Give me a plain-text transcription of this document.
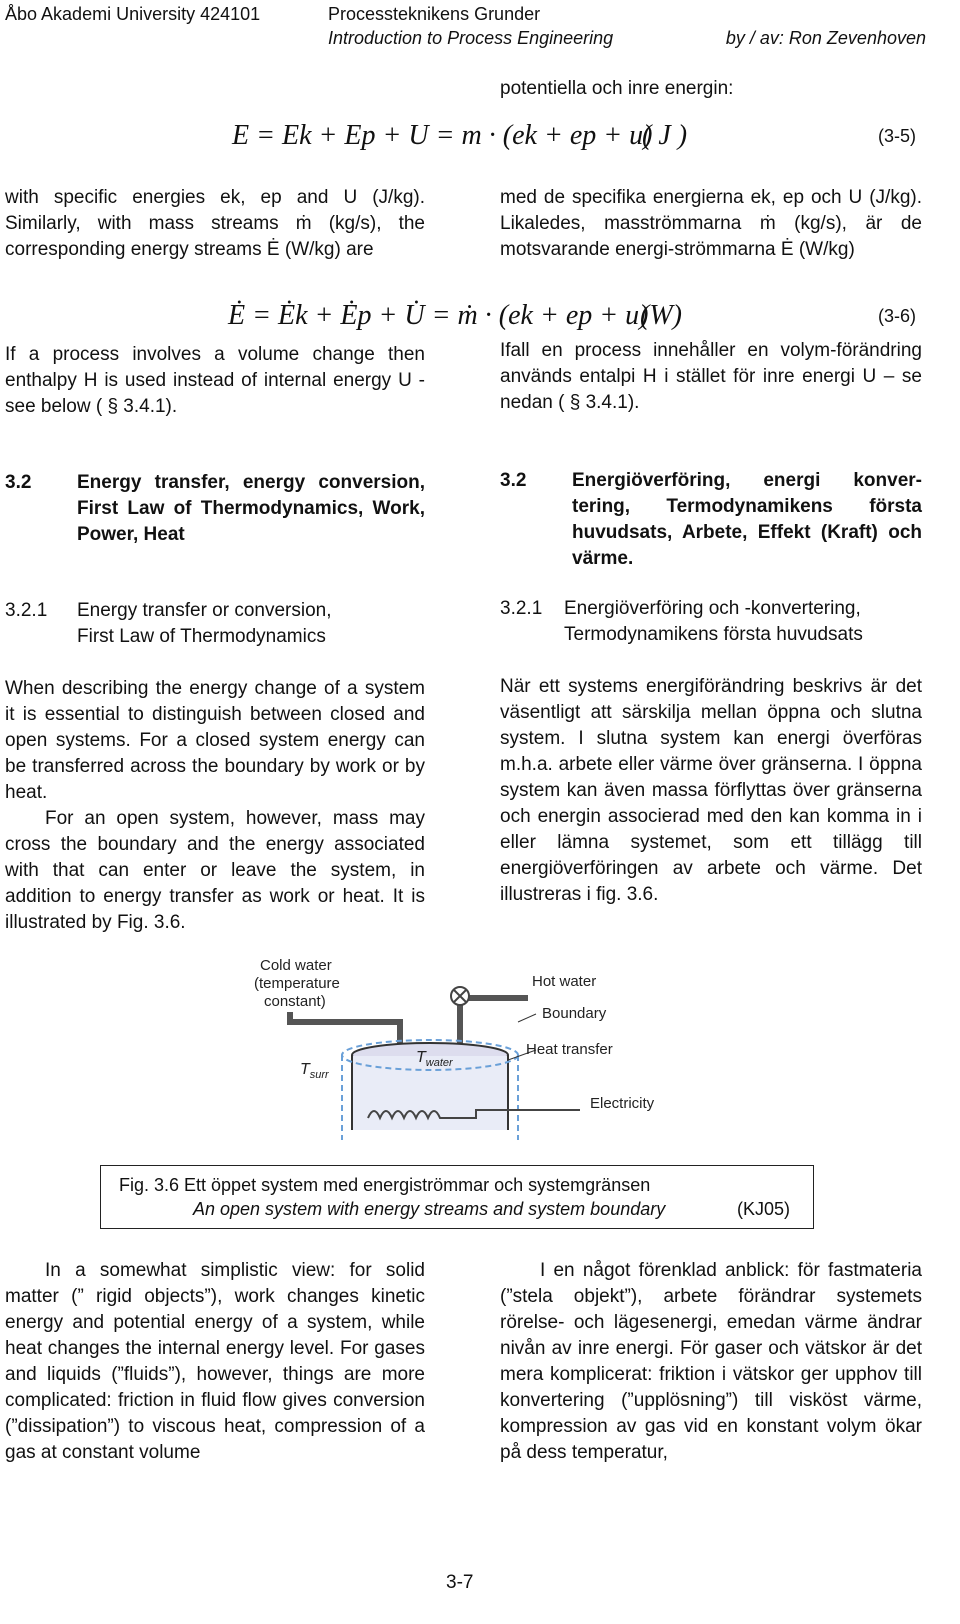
Åbo Akademi University 424101	Processteknikens Grunder
Introduction to Process Engineering	by / av: Ron Zevenhoven
potentiella och inre energin:
E = Ek + Ep + U = m · (ek + ep + u)
( J )	(3-5)
with specific energies ek, ep and U (J/kg). Similarly, with mass streams ṁ (kg/s), the corresponding energy streams Ė (W/kg) are
med de specifika energierna ek, ep och U (J/kg). Likaledes, masströmmarna ṁ (kg/s), är de motsvarande energi-strömmarna Ė (W/kg)
Ė = Ėk + Ėp + U̇ = ṁ · (ek + ep + u)
(W)	(3-6)
If a process involves a volume change then enthalpy H is used instead of internal energy U - see below ( § 3.4.1).
Ifall en process innehåller en volym-förändring används entalpi H i stället för inre energi U – se nedan ( § 3.4.1).
3.2	Energy transfer, energy conversion, First Law of Thermodynamics, Work, Power, Heat
3.2	Energiöverföring, energi konver-tering, Termodynamikens första huvudsats, Arbete, Effekt (Kraft) och värme.
3.2.1	Energy transfer or conversion,
First Law of Thermodynamics
3.2.1	Energiöverföring och -konvertering,
Termodynamikens första huvudsats
When describing the energy change of a system it is essential to distinguish between closed and open systems. For a closed system energy can be transferred across the boundary by work or by heat.
For an open system, however, mass may cross the boundary and the energy associated with that can enter or leave the system, in addition to energy transfer as work or heat. It is illustrated by Fig. 3.6.
När ett systems energiförändring beskrivs är det väsentligt att särskilja mellan öppna och slutna system. I slutna system kan energi överföras m.h.a. arbete eller värme över gränserna. I öppna system kan även massa förflyttas över gränserna och energin associerad med den kan komma in i eller lämna systemet, som ett tillägg till energiöverföringen av arbete och värme. Det illustreras i fig. 3.6.
Cold water
(temperature
constant)
Hot water
Boundary
Heat transfer
Electricity
$T_{surr}$
$T_{water}$
Fig. 3.6 Ett öppet system med energiströmmar och systemgränsen
An open system with energy streams and system boundary	(KJ05)
In a somewhat simplistic view: for solid matter (” rigid objects”), work changes kinetic energy and potential energy of a system, while heat changes the internal energy level. For gases and liquids (”fluids”), however, things are more complicated: friction in fluid flow gives conversion (”dissipation”) to viscous heat, compression of a gas at constant volume
I en något förenklad anblick: för fastmateria (”stela objekt”), arbete förändrar systemets rörelse- och lägesenergi, emedan värme ändrar nivån av inre energi. För gaser och vätskor är det mera komplicerat: friktion i vätskor ger upphov till konvertering (”upplösning”) till visköst värme, kompression av gas vid en konstant volym ökar på dess temperatur,
3-7
